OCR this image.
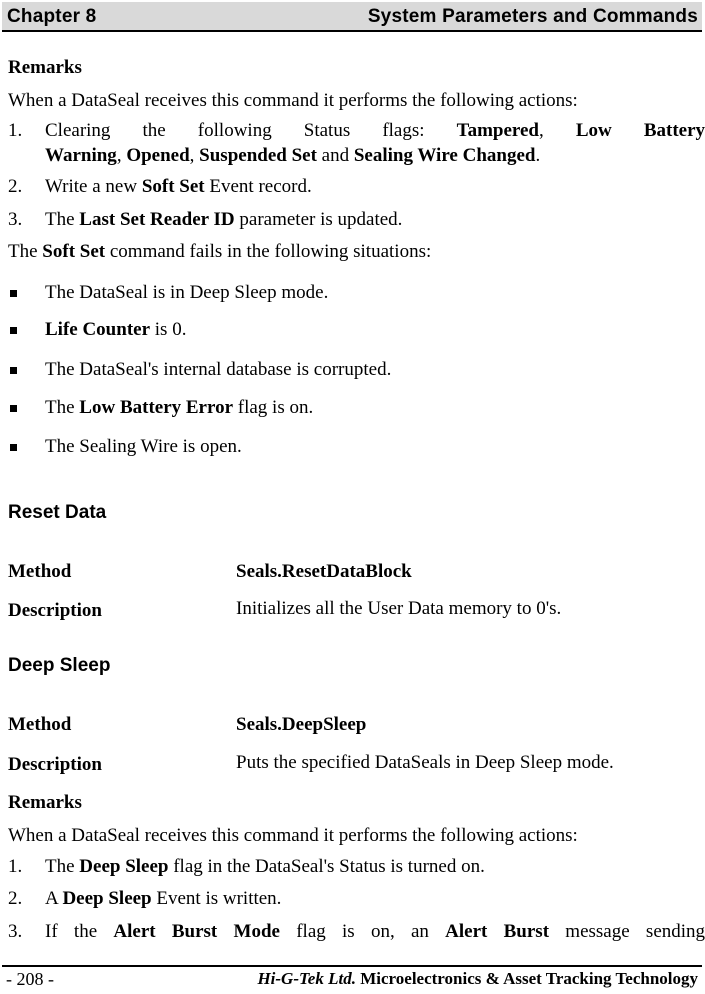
Chapter 8	System Parameters and Commands
Remarks
When a DataSeal receives this command it performs the following actions:
1. Clearing the following Status flags: Tampered, Low Battery
Warning, Opened, Suspended Set and Sealing Wire Changed.
2. Write a new Soft Set Event record.
3. The Last Set Reader ID parameter is updated.
The Soft Set command fails in the following situations:
The DataSeal is in Deep Sleep mode.
Life Counter is 0.
The DataSeal's internal database is corrupted.
The Low Battery Error flag is on.
The Sealing Wire is open.
Reset Data
Method	Seals.ResetDataBlock
Description	Initializes all the User Data memory to 0's.
Deep Sleep
Method	Seals.DeepSleep
Description	Puts the specified DataSeals in Deep Sleep mode.
Remarks
When a DataSeal receives this command it performs the following actions:
1. The Deep Sleep flag in the DataSeal's Status is turned on.
2. A Deep Sleep Event is written.
3. If the Alert Burst Mode flag is on, an Alert Burst message sending
- 208 -	Hi-G-Tek Ltd. Microelectronics & Asset Tracking Technology
